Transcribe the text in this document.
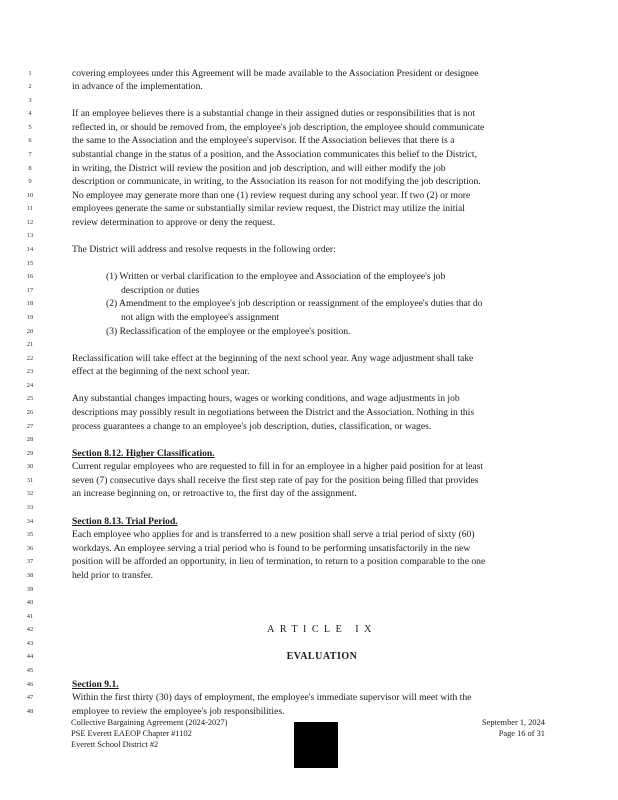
1	covering employees under this Agreement will be made available to the Association President or designee
2	in advance of the implementation.
3
4	If an employee believes there is a substantial change in their assigned duties or responsibilities that is not
5	reflected in, or should be removed from, the employee's job description, the employee should communicate
6	the same to the Association and the employee's supervisor. If the Association believes that there is a
7	substantial change in the status of a position, and the Association communicates this belief to the District,
8	in writing, the District will review the position and job description, and will either modify the job
9	description or communicate, in writing, to the Association its reason for not modifying the job description.
10	No employee may generate more than one (1) review request during any school year. If two (2) or more
11	employees generate the same or substantially similar review request, the District may utilize the initial
12	review determination to approve or deny the request.
13
14	The District will address and resolve requests in the following order:
15
16	(1) Written or verbal clarification to the employee and Association of the employee's job
17	description or duties
18	(2) Amendment to the employee's job description or reassignment of the employee's duties that do
19	not align with the employee's assignment
20	(3) Reclassification of the employee or the employee's position.
21
22	Reclassification will take effect at the beginning of the next school year. Any wage adjustment shall take
23	effect at the beginning of the next school year.
24
25	Any substantial changes impacting hours, wages or working conditions, and wage adjustments in job
26	descriptions may possibly result in negotiations between the District and the Association. Nothing in this
27	process guarantees a change to an employee's job description, duties, classification, or wages.
28
29	Section 8.12. Higher Classification.
30	Current regular employees who are requested to fill in for an employee in a higher paid position for at least
31	seven (7) consecutive days shall receive the first step rate of pay for the position being filled that provides
32	an increase beginning on, or retroactive to, the first day of the assignment.
33
34	Section 8.13. Trial Period.
35	Each employee who applies for and is transferred to a new position shall serve a trial period of sixty (60)
36	workdays. An employee serving a trial period who is found to be performing unsatisfactorily in the new
37	position will be afforded an opportunity, in lieu of termination, to return to a position comparable to the one
38	held prior to transfer.
39
40
41
42	ARTICLE IX
43
44	EVALUATION
45
46	Section 9.1.
47	Within the first thirty (30) days of employment, the employee's immediate supervisor will meet with the
48	employee to review the employee's job responsibilities.
Collective Bargaining Agreement (2024-2027)
PSE Everett EAEOP Chapter #1102
Everett School District #2
September 1, 2024
Page 16 of 31
